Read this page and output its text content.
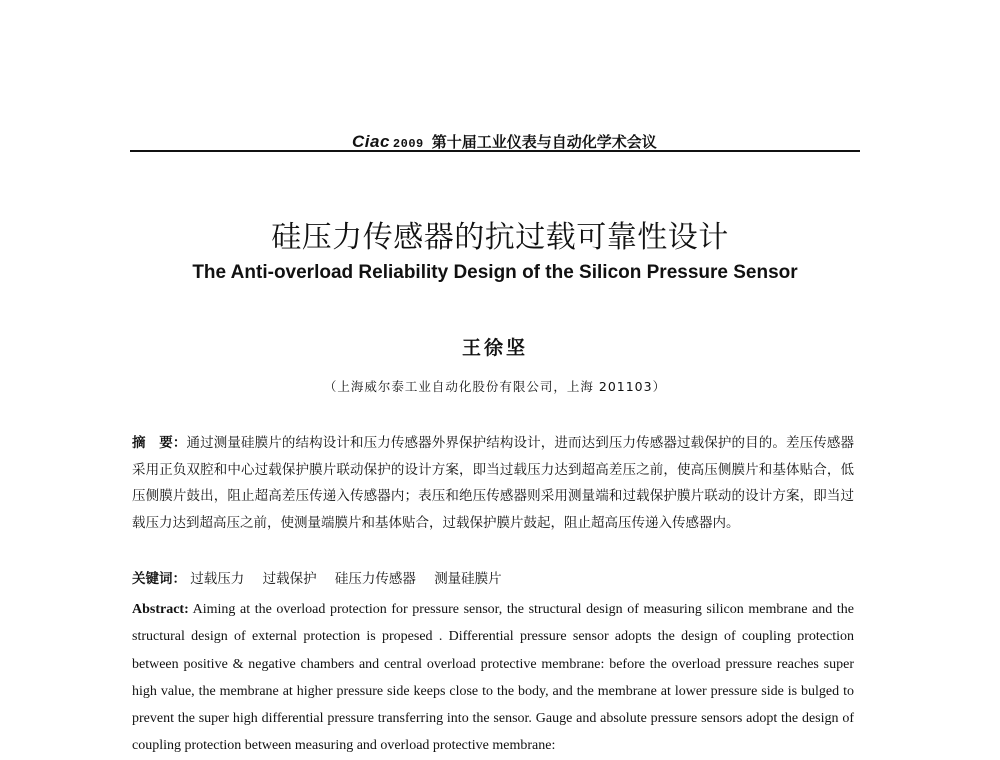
Ciac 2009 第十届工业仪表与自动化学术会议
硅压力传感器的抗过载可靠性设计
The Anti-overload Reliability Design of the Silicon Pressure Sensor

王徐坚

（上海威尔泰工业自动化股份有限公司，上海 201103）

摘　要：通过测量硅膜片的结构设计和压力传感器外界保护结构设计，进而达到压力传感器过载保护的目的。差压传感器采用正负双腔和中心过载保护膜片联动保护的设计方案，即当过载压力达到超高差压之前，使高压侧膜片和基体贴合，低压侧膜片鼓出，阻止超高差压传递入传感器内；表压和绝压传感器则采用测量端和过载保护膜片联动的设计方案，即当过载压力达到超高压之前，使测量端膜片和基体贴合，过载保护膜片鼓起，阻止超高压传递入传感器内。

关键词： 过载压力 过载保护 硅压力传感器 测量硅膜片

Abstract: Aiming at the overload protection for pressure sensor, the structural design of measuring silicon membrane and the structural design of external protection is propesed . Differential pressure sensor adopts the design of coupling protection between positive & negative chambers and central overload protective membrane: before the overload pressure reaches super high value, the membrane at higher pressure side keeps close to the body, and the membrane at lower pressure side is bulged to prevent the super high differential pressure transferring into the sensor. Gauge and absolute pressure sensors adopt the design of coupling protection between measuring and overload protective membrane:
